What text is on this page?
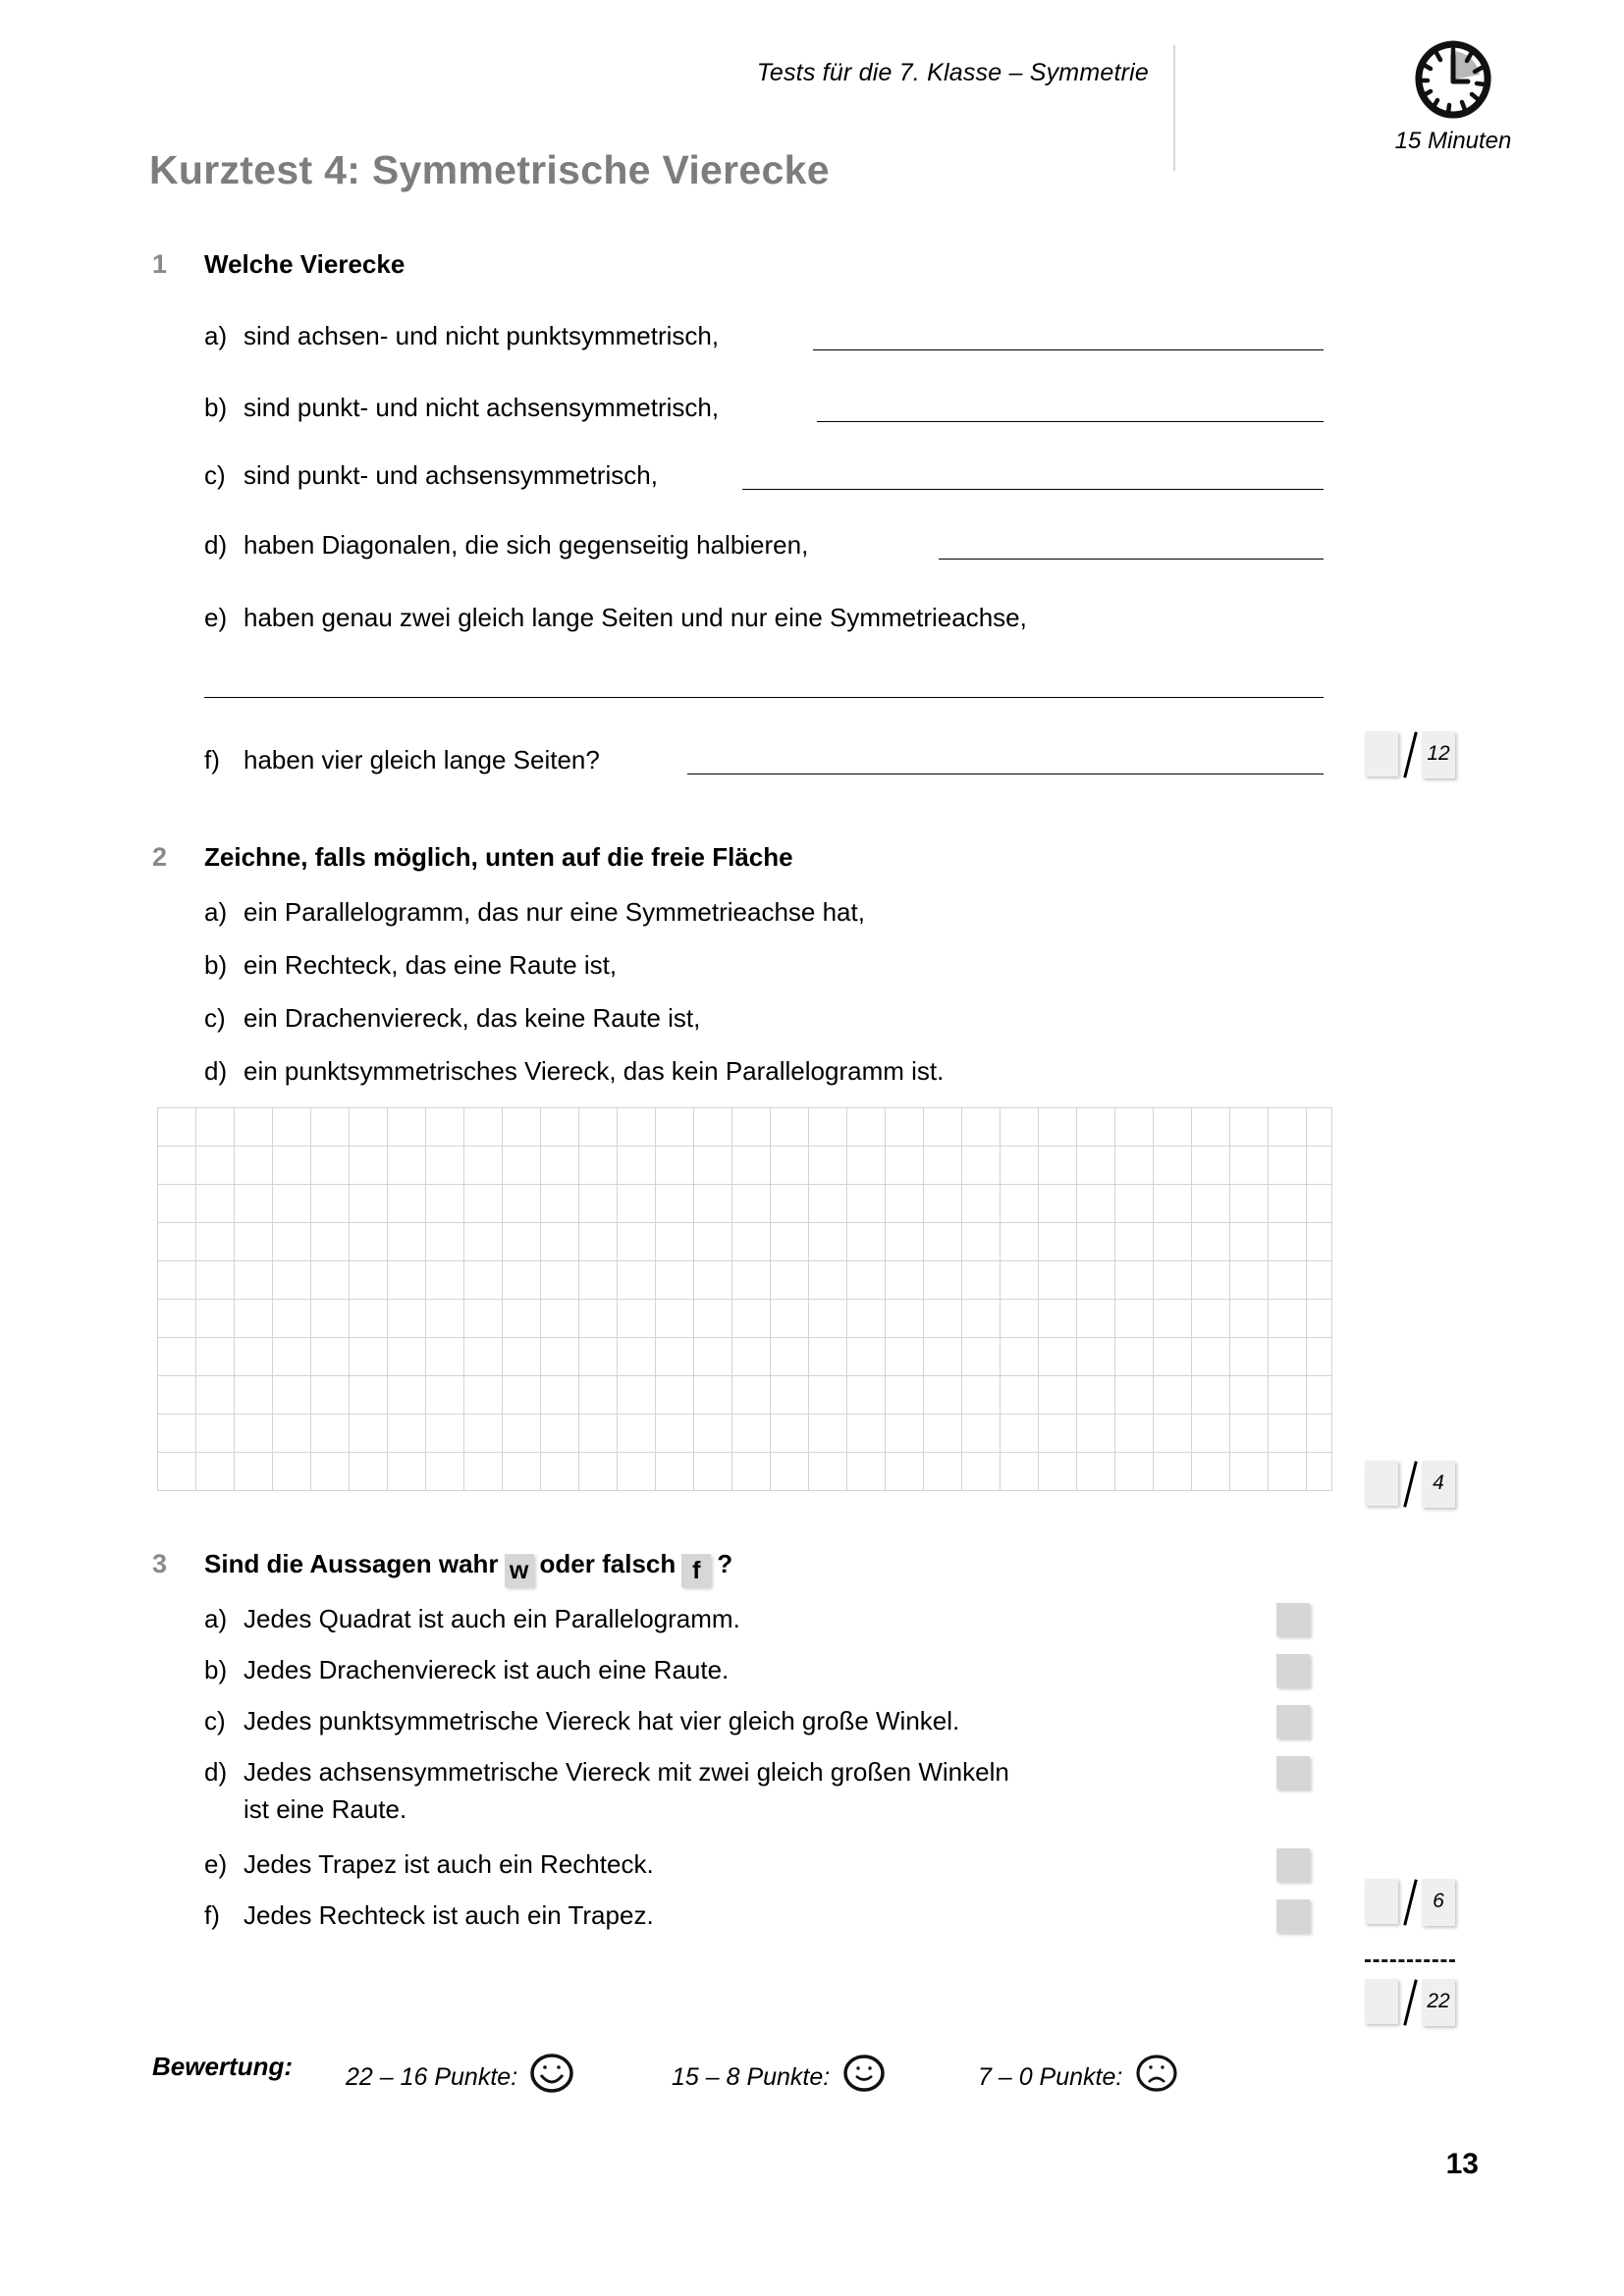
Tests für die 7. Klasse – Symmetrie
15 Minuten
Kurztest 4: Symmetrische Vierecke
1 Welche Vierecke
a) sind achsen- und nicht punktsymmetrisch,
b) sind punkt- und nicht achsensymmetrisch,
c) sind punkt- und achsensymmetrisch,
d) haben Diagonalen, die sich gegenseitig halbieren,
e) haben genau zwei gleich lange Seiten und nur eine Symmetrieachse,
f) haben vier gleich lange Seiten?	12
2 Zeichne, falls möglich, unten auf die freie Fläche
a) ein Parallelogramm, das nur eine Symmetrieachse hat,
b) ein Rechteck, das eine Raute ist,
c) ein Drachenviereck, das keine Raute ist,
d) ein punktsymmetrisches Viereck, das kein Parallelogramm ist.
4
3 Sind die Aussagen wahr w oder falsch f ?
a) Jedes Quadrat ist auch ein Parallelogramm.
b) Jedes Drachenviereck ist auch eine Raute.
c) Jedes punktsymmetrische Viereck hat vier gleich große Winkel.
d) Jedes achsensymmetrische Viereck mit zwei gleich großen Winkeln
ist eine Raute.
e) Jedes Trapez ist auch ein Rechteck.
f) Jedes Rechteck ist auch ein Trapez.	6
22
Bewertung: 22 – 16 Punkte:	15 – 8 Punkte:	7 – 0 Punkte:
13
